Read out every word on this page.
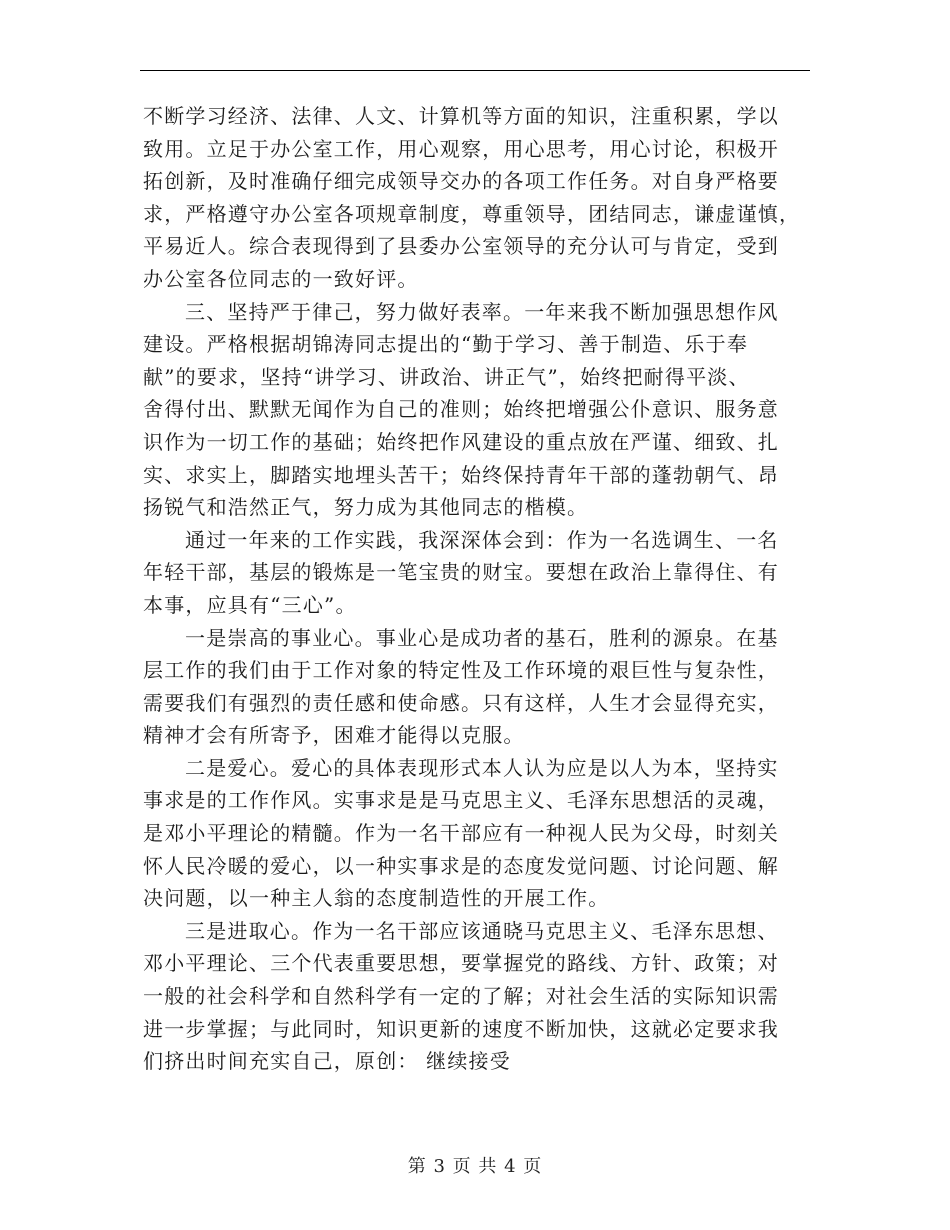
不断学习经济、法律、人文、计算机等方面的知识，注重积累，学以
致用。立足于办公室工作，用心观察，用心思考，用心讨论，积极开
拓创新，及时准确仔细完成领导交办的各项工作任务。对自身严格要
求，严格遵守办公室各项规章制度，尊重领导，团结同志，谦虚谨慎，
平易近人。综合表现得到了县委办公室领导的充分认可与肯定，受到
办公室各位同志的一致好评。
三、坚持严于律己，努力做好表率。一年来我不断加强思想作风
建设。严格根据胡锦涛同志提出的“勤于学习、善于制造、乐于奉
献”的要求，坚持“讲学习、讲政治、讲正气”，始终把耐得平淡、
舍得付出、默默无闻作为自己的准则；始终把增强公仆意识、服务意
识作为一切工作的基础；始终把作风建设的重点放在严谨、细致、扎
实、求实上，脚踏实地埋头苦干；始终保持青年干部的蓬勃朝气、昂
扬锐气和浩然正气，努力成为其他同志的楷模。
通过一年来的工作实践，我深深体会到：作为一名选调生、一名
年轻干部，基层的锻炼是一笔宝贵的财宝。要想在政治上靠得住、有
本事，应具有“三心”。
一是崇高的事业心。事业心是成功者的基石，胜利的源泉。在基
层工作的我们由于工作对象的特定性及工作环境的艰巨性与复杂性，
需要我们有强烈的责任感和使命感。只有这样，人生才会显得充实，
精神才会有所寄予，困难才能得以克服。
二是爱心。爱心的具体表现形式本人认为应是以人为本，坚持实
事求是的工作作风。实事求是是马克思主义、毛泽东思想活的灵魂，
是邓小平理论的精髓。作为一名干部应有一种视人民为父母，时刻关
怀人民冷暖的爱心，以一种实事求是的态度发觉问题、讨论问题、解
决问题，以一种主人翁的态度制造性的开展工作。
三是进取心。作为一名干部应该通晓马克思主义、毛泽东思想、
邓小平理论、三个代表重要思想，要掌握党的路线、方针、政策；对
一般的社会科学和自然科学有一定的了解；对社会生活的实际知识需
进一步掌握；与此同时，知识更新的速度不断加快，这就必定要求我
们挤出时间充实自己，原创： 继续接受
第 3 页 共 4 页
